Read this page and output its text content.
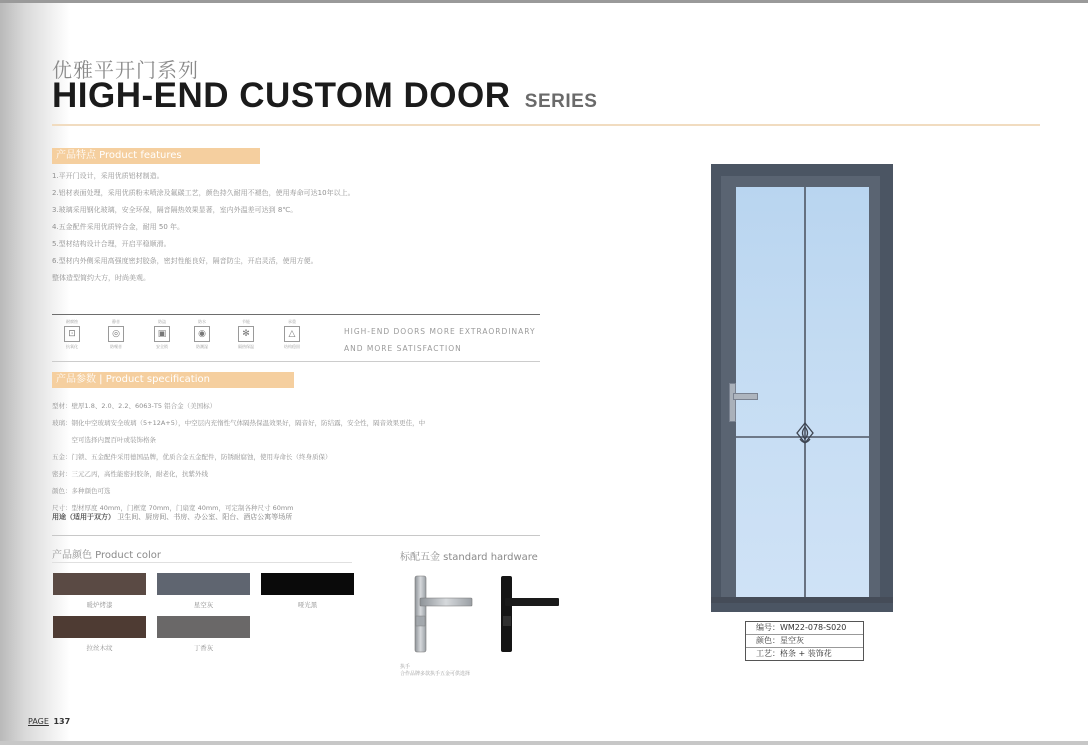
优雅平开门系列
HIGH-END CUSTOM DOOR SERIES
产品特点 Product features
1.平开门设计，采用优质铝材制造。
2.铝材表面处理，采用优质粉末喷涂及氟碳工艺，颜色持久耐用不褪色，使用寿命可达10年以上。
3.玻璃采用钢化玻璃，安全环保，隔音隔热效果显著，室内外温差可达到 8℃。
4.五金配件采用优质锌合金，耐用 50 年。
5.型材结构设计合理，开启平稳顺滑。
6.型材内外侧采用高强度密封胶条，密封性能良好，隔音防尘，开启灵活，使用方便。
整体造型简约大方，时尚美观。
耐腐蚀
⊡
抗氧化
静音
◎
防噪音
防盗
▣
安全锁
防水
◉
防潮湿
节能
✻
隔热保温
承重
△
结构稳固
HIGH-END DOORS MORE EXTRAORDINARY
AND MORE SATISFACTION
产品参数 | Product specification
型材：壁厚1.8、2.0、2.2、6063-T5 铝合金（美国标）
玻璃：钢化中空玻璃安全玻璃（5+12A+5），中空层内充惰性气体隔热保温效果好，隔音好，防结露，安全性，隔音效果更佳，中
　　　空可选择内置百叶或装饰格条
五金：门锁、五金配件采用德国品牌，优质合金五金配件，防锈耐腐蚀，使用寿命长（终身质保）
密封：三元乙丙，高性能密封胶条，耐老化，抗紫外线
颜色：多种颜色可选
尺寸：型材厚度 40mm，门框宽 70mm，门扇宽 40mm，可定制各种尺寸 60mm
用途（适用于双方） 卫生间、厨房间、书房、办公室、阳台、酒店公寓等场所
产品颜色 Product color
暖炉烤漆	星空灰	哑光黑
拉丝木纹	丁香灰
标配五金 standard hardware
执手
合作品牌多款执手五金可供选择
编号：WM22-078-S020
颜色：星空灰
工艺：格条 + 装饰花
PAGE 137
